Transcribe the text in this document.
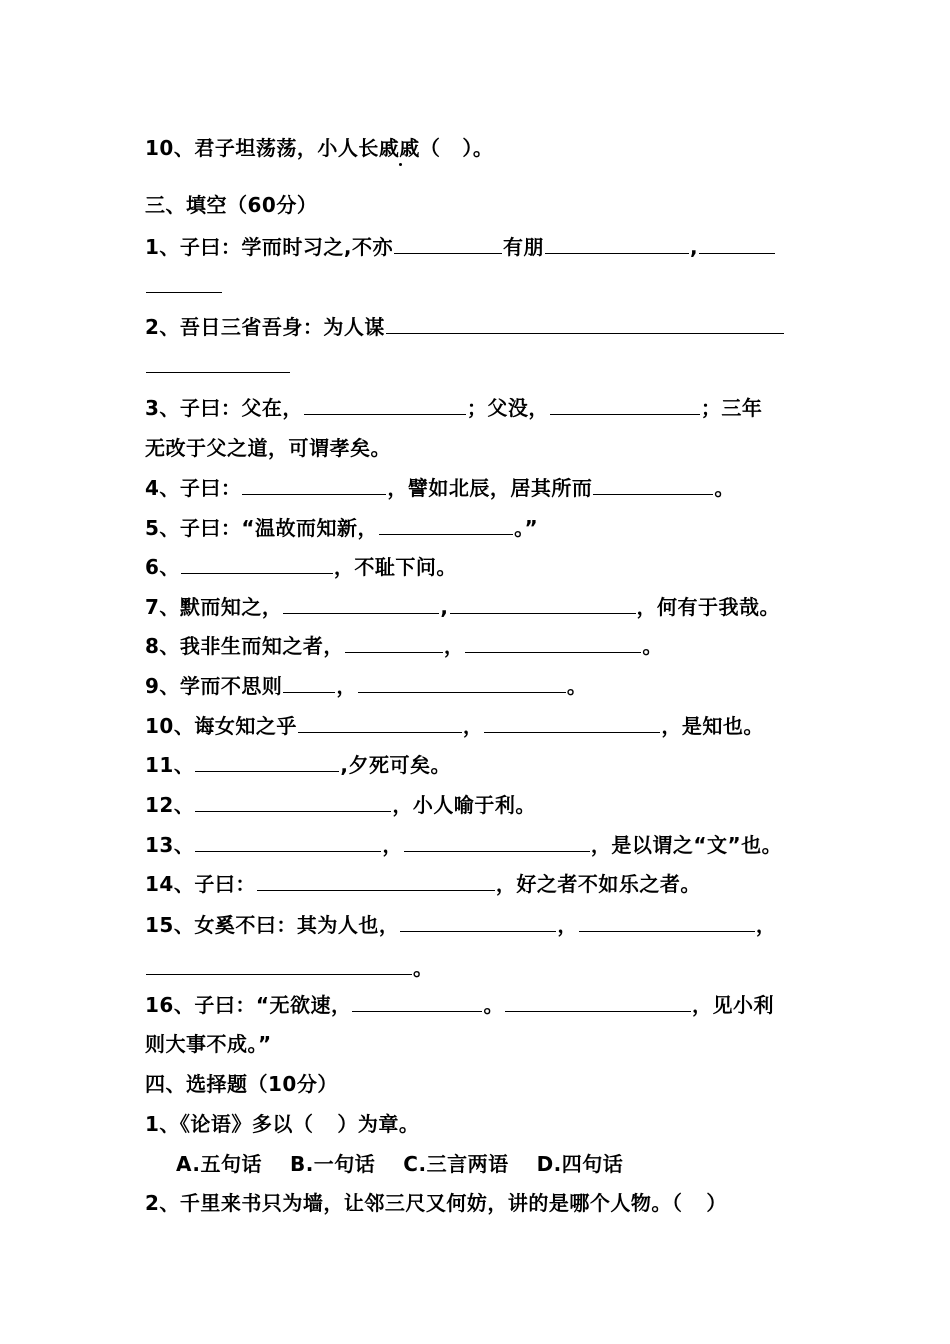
10、君子坦荡荡，小人长戚戚（ ）。
三、填空（60分）
1、子曰：学而时习之,不亦	有朋	,
2、吾日三省吾身：为人谋
3、子曰：父在，	；父没，	；三年
无改于父之道，可谓孝矣。
4、子曰：	，譬如北辰，居其所而	。
5、子曰：“温故而知新，	。”
6、	，不耻下问。
7、默而知之，	,	，何有于我哉。
8、我非生而知之者，	，	。
9、学而不思则	，	。
10、诲女知之乎	，	，是知也。
11、	,夕死可矣。
12、	，小人喻于利。
13、	，	，是以谓之“文”也。
14、子曰：	，好之者不如乐之者。
15、女奚不曰：其为人也，	，	，
。
16、子曰：“无欲速，	。	，见小利
则大事不成。”
四、选择题（10分）
1、《论语》多以（ ）为章。
A.五句话 B.一句话 C.三言两语 D.四句话
2、千里来书只为墙，让邻三尺又何妨，讲的是哪个人物。（ ）
